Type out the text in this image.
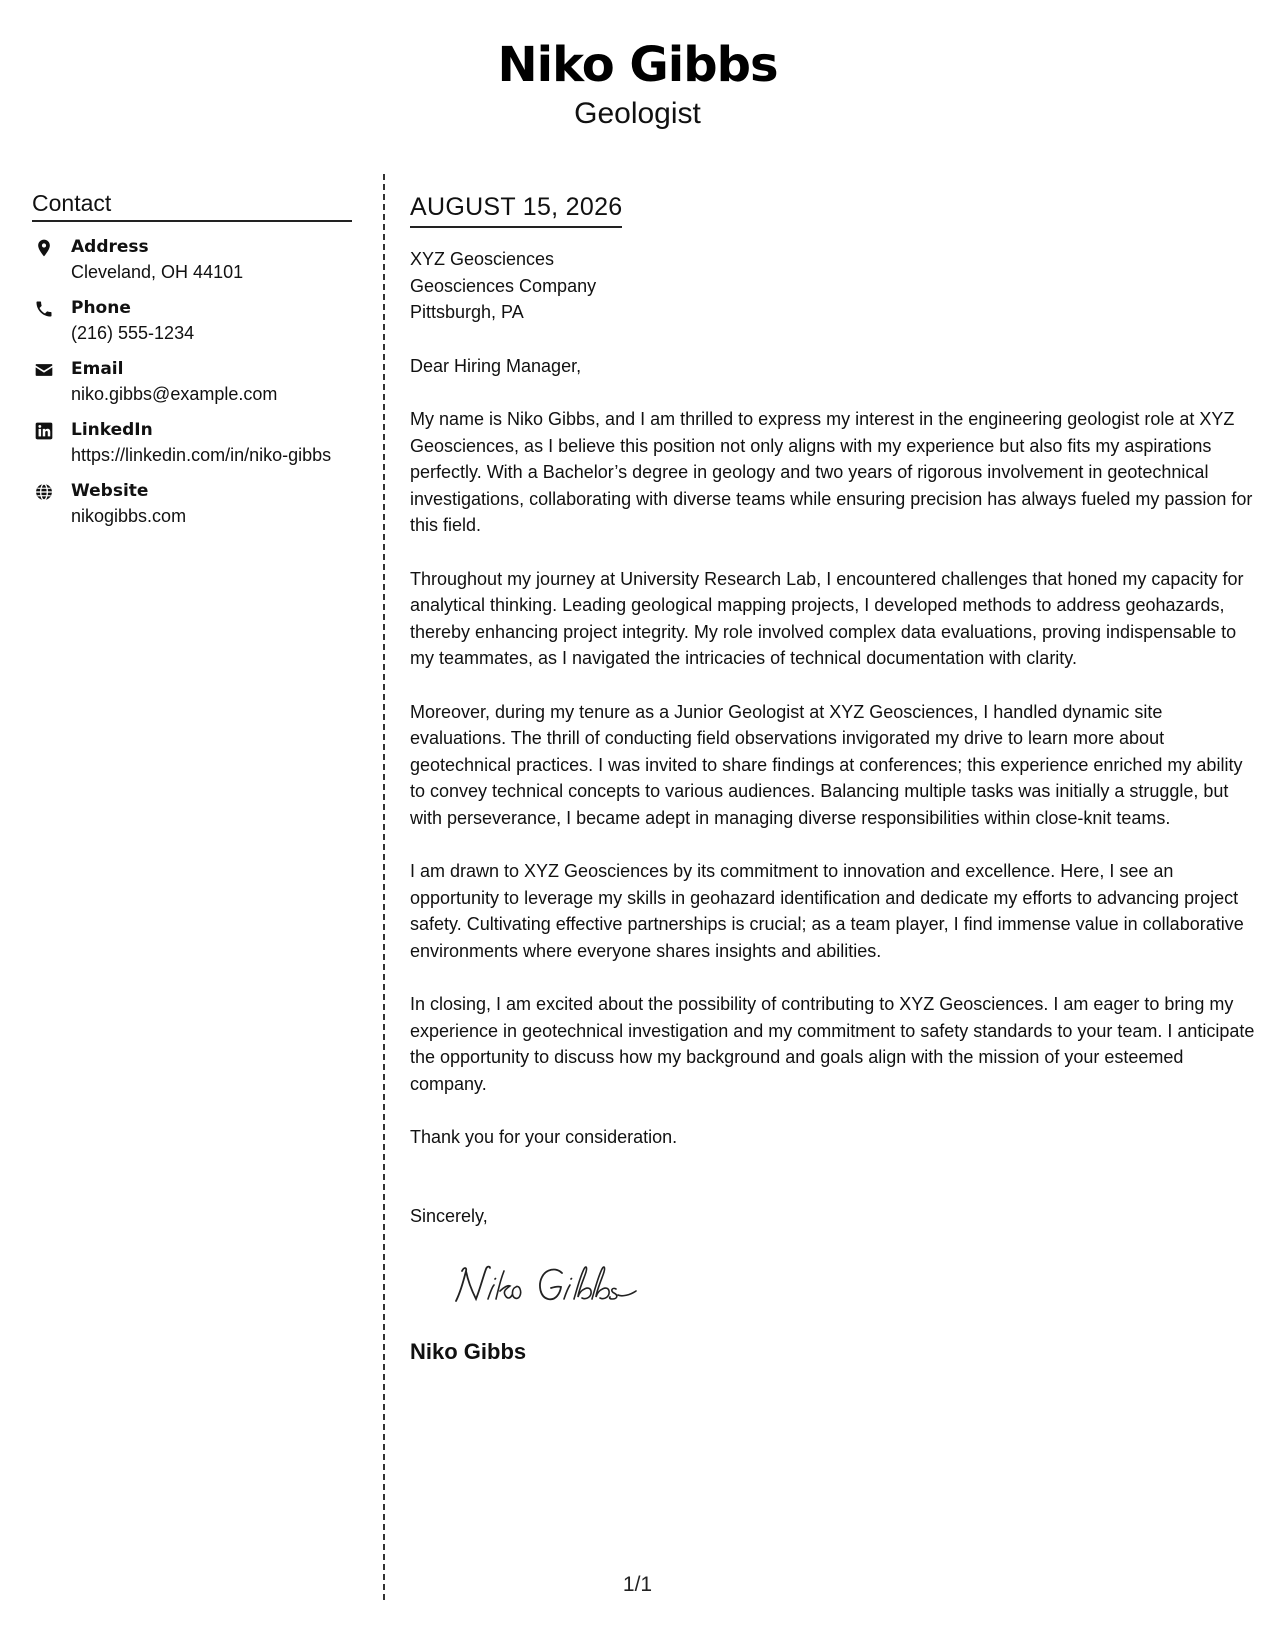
Niko Gibbs
Geologist
Contact
Address
Cleveland, OH 44101
Phone
(216) 555-1234
Email
niko.gibbs@example.com
LinkedIn
https://linkedin.com/in/niko-gibbs
Website
nikogibbs.com
AUGUST 15, 2026
XYZ Geosciences
Geosciences Company
Pittsburgh, PA
Dear Hiring Manager,
My name is Niko Gibbs, and I am thrilled to express my interest in the engineering geologist role at XYZ Geosciences, as I believe this position not only aligns with my experience but also fits my aspirations perfectly. With a Bachelor’s degree in geology and two years of rigorous involvement in geotechnical investigations, collaborating with diverse teams while ensuring precision has always fueled my passion for this field.
Throughout my journey at University Research Lab, I encountered challenges that honed my capacity for analytical thinking. Leading geological mapping projects, I developed methods to address geohazards, thereby enhancing project integrity. My role involved complex data evaluations, proving indispensable to my teammates, as I navigated the intricacies of technical documentation with clarity.
Moreover, during my tenure as a Junior Geologist at XYZ Geosciences, I handled dynamic site evaluations. The thrill of conducting field observations invigorated my drive to learn more about geotechnical practices. I was invited to share findings at conferences; this experience enriched my ability to convey technical concepts to various audiences. Balancing multiple tasks was initially a struggle, but with perseverance, I became adept in managing diverse responsibilities within close-knit teams.
I am drawn to XYZ Geosciences by its commitment to innovation and excellence. Here, I see an opportunity to leverage my skills in geohazard identification and dedicate my efforts to advancing project safety. Cultivating effective partnerships is crucial; as a team player, I find immense value in collaborative environments where everyone shares insights and abilities.
In closing, I am excited about the possibility of contributing to XYZ Geosciences. I am eager to bring my experience in geotechnical investigation and my commitment to safety standards to your team. I anticipate the opportunity to discuss how my background and goals align with the mission of your esteemed company.
Thank you for your consideration.
Sincerely,
Niko Gibbs
1/1
